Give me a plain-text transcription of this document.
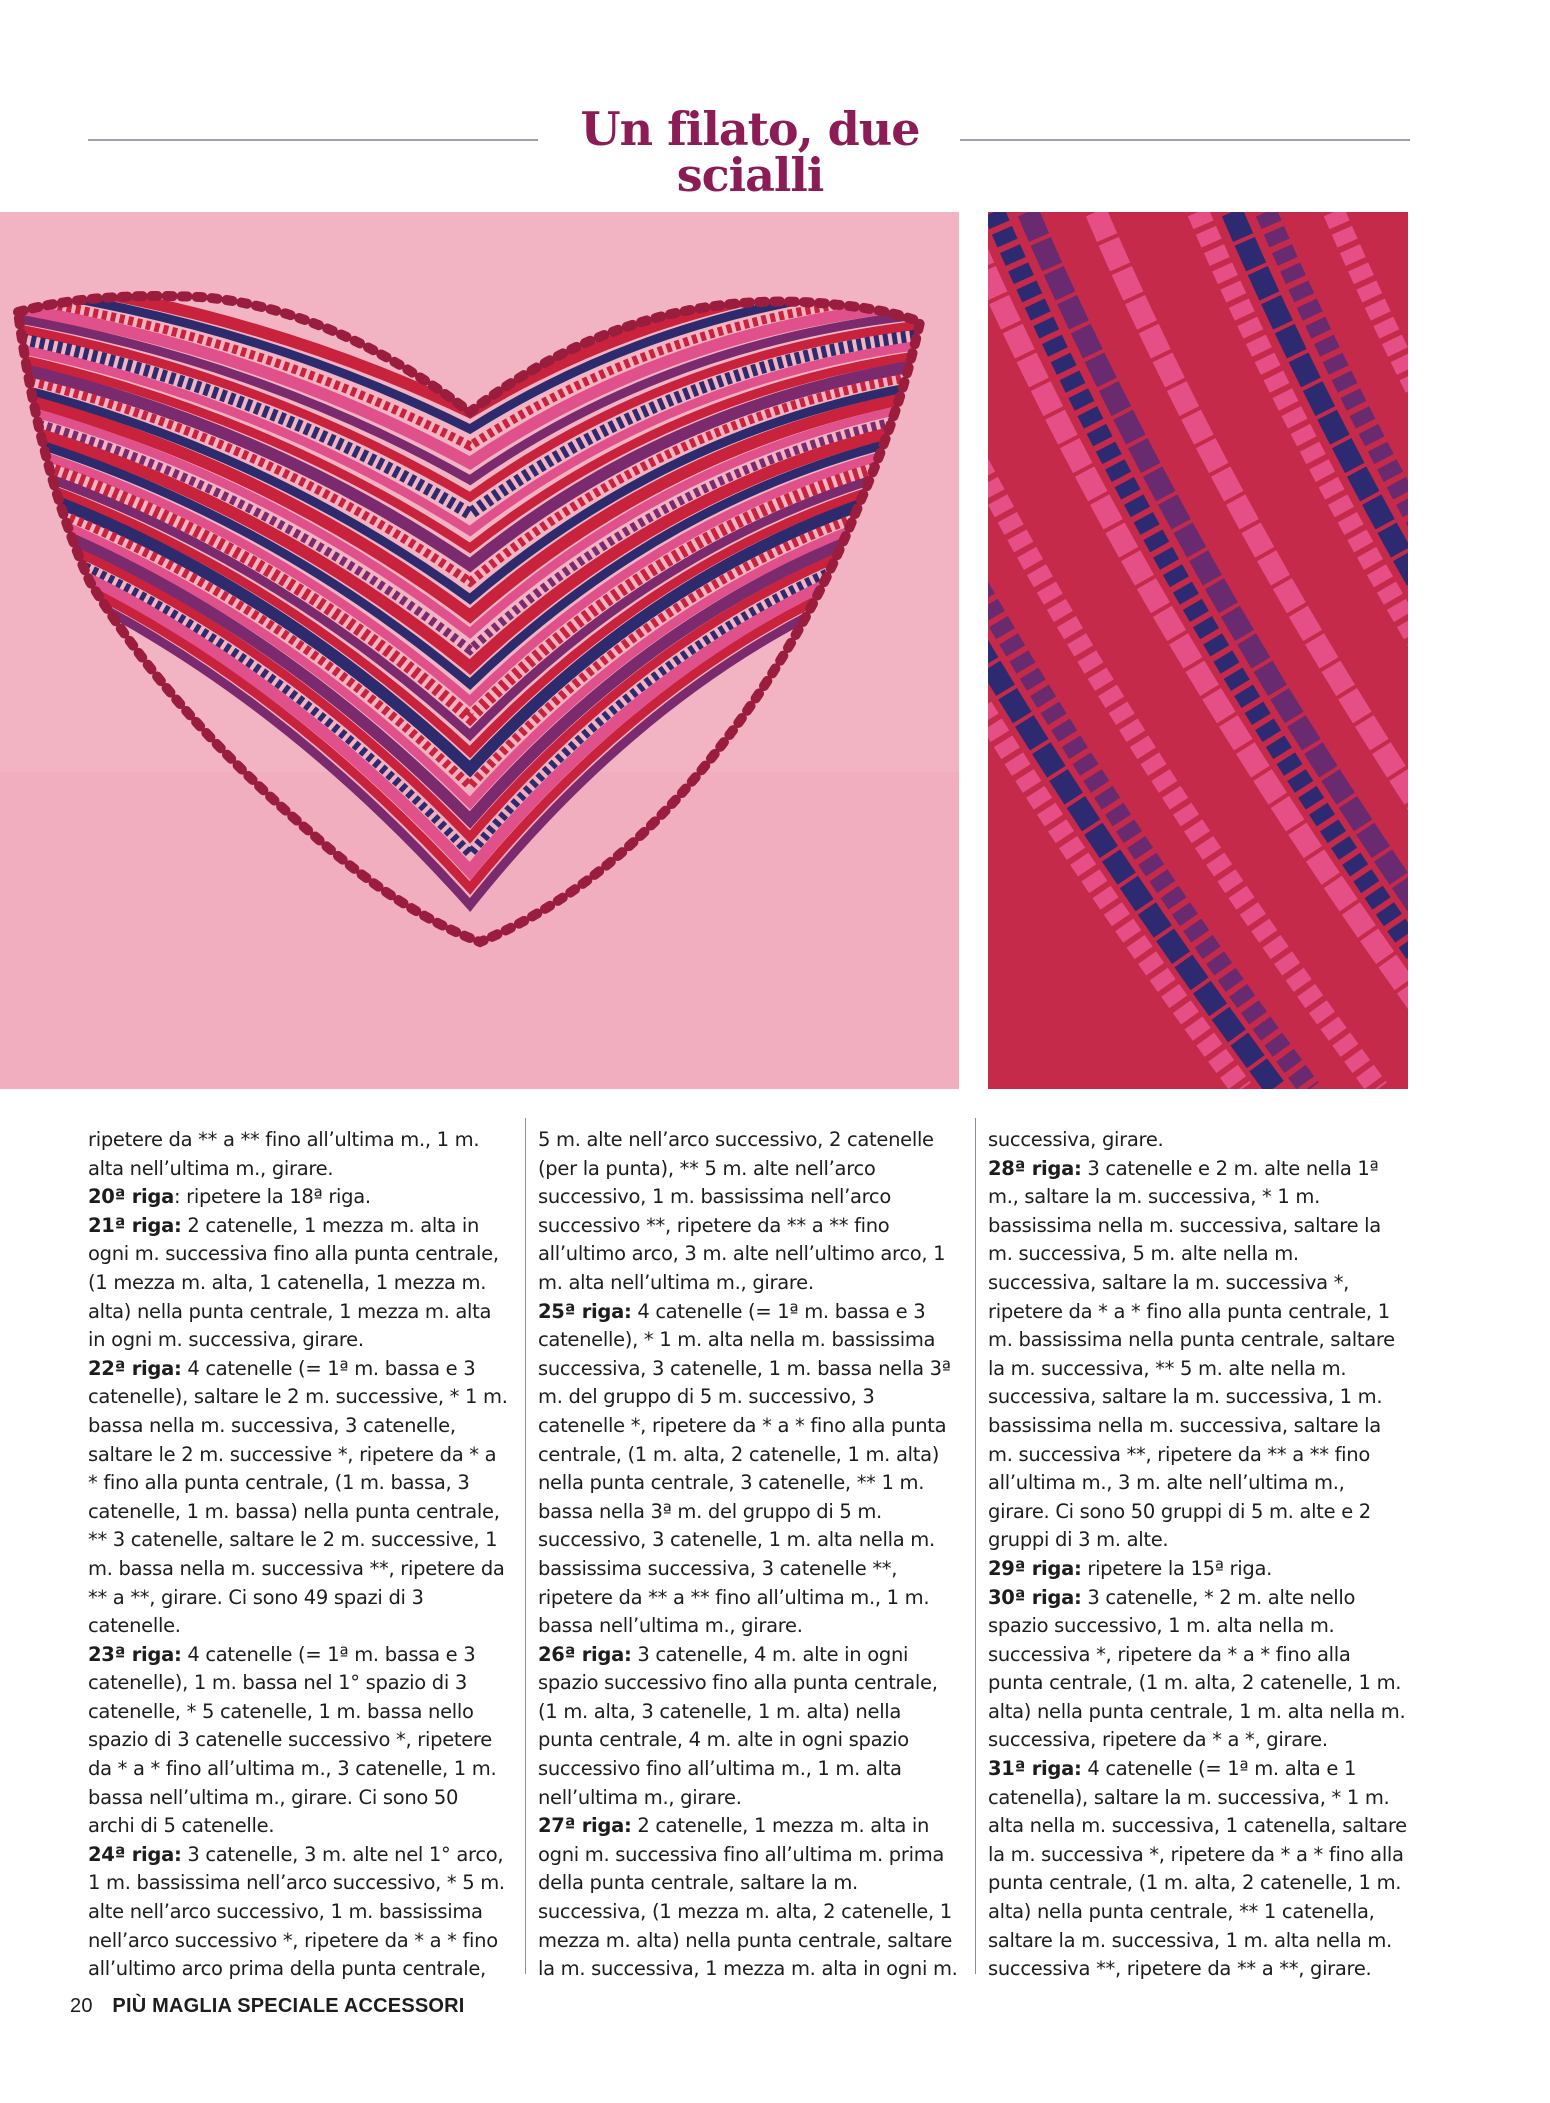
Un filato, due scialli

ripetere da ** a ** fino all’ultima m., 1 m. alta nell’ultima m., girare.

20ª riga: ripetere la 18ª riga.

21ª riga: 2 catenelle, 1 mezza m. alta in ogni m. successiva fino alla punta centrale, (1 mezza m. alta, 1 catenella, 1 mezza m. alta) nella punta centrale, 1 mezza m. alta in ogni m. successiva, girare.

22ª riga: 4 catenelle (= 1ª m. bassa e 3 catenelle), saltare le 2 m. successive, * 1 m. bassa nella m. successiva, 3 catenelle, saltare le 2 m. successive *, ripetere da * a * fino alla punta centrale, (1 m. bassa, 3 catenelle, 1 m. bassa) nella punta centrale, ** 3 catenelle, saltare le 2 m. successive, 1 m. bassa nella m. successiva **, ripetere da ** a **, girare. Ci sono 49 spazi di 3 catenelle.

23ª riga: 4 catenelle (= 1ª m. bassa e 3 catenelle), 1 m. bassa nel 1° spazio di 3 catenelle, * 5 catenelle, 1 m. bassa nello spazio di 3 catenelle successivo *, ripetere da * a * fino all’ultima m., 3 catenelle, 1 m. bassa nell’ultima m., girare. Ci sono 50 archi di 5 catenelle.

24ª riga: 3 catenelle, 3 m. alte nel 1° arco, 1 m. bassissima nell’arco successivo, * 5 m. alte nell’arco successivo, 1 m. bassissima nell’arco successivo *, ripetere da * a * fino all’ultimo arco prima della punta centrale,

5 m. alte nell’arco successivo, 2 catenelle (per la punta), ** 5 m. alte nell’arco successivo, 1 m. bassissima nell’arco successivo **, ripetere da ** a ** fino all’ultimo arco, 3 m. alte nell’ultimo arco, 1 m. alta nell’ultima m., girare.

25ª riga: 4 catenelle (= 1ª m. bassa e 3 catenelle), * 1 m. alta nella m. bassissima successiva, 3 catenelle, 1 m. bassa nella 3ª m. del gruppo di 5 m. successivo, 3 catenelle *, ripetere da * a * fino alla punta centrale, (1 m. alta, 2 catenelle, 1 m. alta) nella punta centrale, 3 catenelle, ** 1 m. bassa nella 3ª m. del gruppo di 5 m. successivo, 3 catenelle, 1 m. alta nella m. bassissima successiva, 3 catenelle **, ripetere da ** a ** fino all’ultima m., 1 m. bassa nell’ultima m., girare.

26ª riga: 3 catenelle, 4 m. alte in ogni spazio successivo fino alla punta centrale, (1 m. alta, 3 catenelle, 1 m. alta) nella punta centrale, 4 m. alte in ogni spazio successivo fino all’ultima m., 1 m. alta nell’ultima m., girare.

27ª riga: 2 catenelle, 1 mezza m. alta in ogni m. successiva fino all’ultima m. prima della punta centrale, saltare la m. successiva, (1 mezza m. alta, 2 catenelle, 1 mezza m. alta) nella punta centrale, saltare la m. successiva, 1 mezza m. alta in ogni m.

successiva, girare.

28ª riga: 3 catenelle e 2 m. alte nella 1ª m., saltare la m. successiva, * 1 m. bassissima nella m. successiva, saltare la m. successiva, 5 m. alte nella m. successiva, saltare la m. successiva *, ripetere da * a * fino alla punta centrale, 1 m. bassissima nella punta centrale, saltare la m. successiva, ** 5 m. alte nella m. successiva, saltare la m. successiva, 1 m. bassissima nella m. successiva, saltare la m. successiva **, ripetere da ** a ** fino all’ultima m., 3 m. alte nell’ultima m., girare. Ci sono 50 gruppi di 5 m. alte e 2 gruppi di 3 m. alte.

29ª riga: ripetere la 15ª riga.

30ª riga: 3 catenelle, * 2 m. alte nello spazio successivo, 1 m. alta nella m. successiva *, ripetere da * a * fino alla punta centrale, (1 m. alta, 2 catenelle, 1 m. alta) nella punta centrale, 1 m. alta nella m. successiva, ripetere da * a *, girare.

31ª riga: 4 catenelle (= 1ª m. alta e 1 catenella), saltare la m. successiva, * 1 m. alta nella m. successiva, 1 catenella, saltare la m. successiva *, ripetere da * a * fino alla punta centrale, (1 m. alta, 2 catenelle, 1 m. alta) nella punta centrale, ** 1 catenella, saltare la m. successiva, 1 m. alta nella m. successiva **, ripetere da ** a **, girare.

20 PIÙ MAGLIA SPECIALE ACCESSORI
